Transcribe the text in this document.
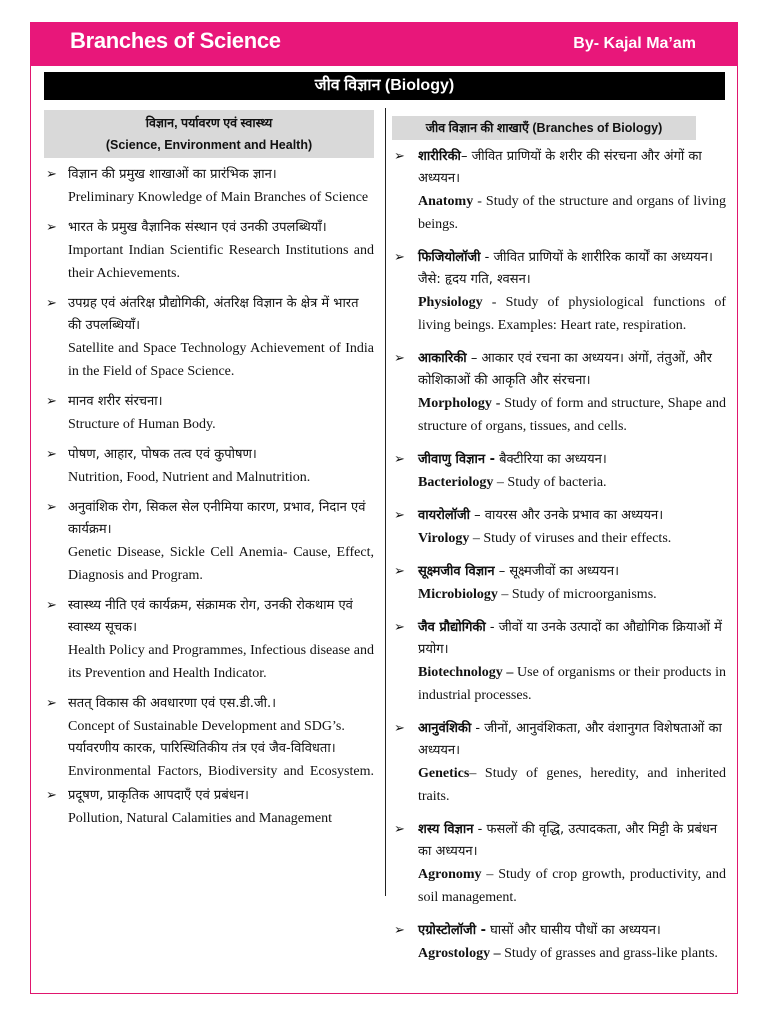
Branches of Science	By- Kajal Ma’am
जीव विज्ञान (Biology)
विज्ञान, पर्यावरण एवं स्वास्थ्य
(Science, Environment and Health)
➢ विज्ञान की प्रमुख शाखाओं का प्रारंभिक ज्ञान।
Preliminary Knowledge of Main Branches of Science
➢ भारत के प्रमुख वैज्ञानिक संस्थान एवं उनकी उपलब्धियाँ।
Important Indian Scientific Research Institutions and their Achievements.
➢ उपग्रह एवं अंतरिक्ष प्रौद्योगिकी, अंतरिक्ष विज्ञान के क्षेत्र में भारत की उपलब्धियाँ।
Satellite and Space Technology Achievement of India in the Field of Space Science.
➢ मानव शरीर संरचना।
Structure of Human Body.
➢ पोषण, आहार, पोषक तत्व एवं कुपोषण।
Nutrition, Food, Nutrient and Malnutrition.
➢ अनुवांशिक रोग, सिकल सेल एनीमिया कारण, प्रभाव, निदान एवं कार्यक्रम।
Genetic Disease, Sickle Cell Anemia- Cause, Effect, Diagnosis and Program.
➢ स्वास्थ्य नीति एवं कार्यक्रम, संक्रामक रोग, उनकी रोकथाम एवं स्वास्थ्य सूचक।
Health Policy and Programmes, Infectious disease and its Prevention and Health Indicator.
➢ सतत् विकास की अवधारणा एवं एस.डी.जी.।
Concept of Sustainable Development and SDG’s.
पर्यावरणीय कारक, पारिस्थितिकीय तंत्र एवं जैव-विविधता।
Environmental Factors, Biodiversity and Ecosystem.
➢ प्रदूषण, प्राकृतिक आपदाएँ एवं प्रबंधन।
Pollution, Natural Calamities and Management
जीव विज्ञान की शाखाएँ (Branches of Biology)
➢ शारीरिकी– जीवित प्राणियों के शरीर की संरचना और अंगों का अध्ययन।
Anatomy - Study of the structure and organs of living beings.
➢ फिजियोलॉजी - जीवित प्राणियों के शारीरिक कार्यों का अध्ययन। जैसे: हृदय गति, श्वसन।
Physiology - Study of physiological functions of living beings. Examples: Heart rate, respiration.
➢ आकारिकी – आकार एवं रचना का अध्ययन। अंगों, तंतुओं, और कोशिकाओं की आकृति और संरचना।
Morphology - Study of form and structure, Shape and structure of organs, tissues, and cells.
➢ जीवाणु विज्ञान - बैक्टीरिया का अध्ययन।
Bacteriology – Study of bacteria.
➢ वायरोलॉजी – वायरस और उनके प्रभाव का अध्ययन।
Virology – Study of viruses and their effects.
➢ सूक्ष्मजीव विज्ञान – सूक्ष्मजीवों का अध्ययन।
Microbiology – Study of microorganisms.
➢ जैव प्रौद्योगिकी - जीवों या उनके उत्पादों का औद्योगिक क्रियाओं में प्रयोग।
Biotechnology – Use of organisms or their products in industrial processes.
➢ आनुवंशिकी - जीनों, आनुवंशिकता, और वंशानुगत विशेषताओं का अध्ययन।
Genetics– Study of genes, heredity, and inherited traits.
➢ शस्य विज्ञान - फसलों की वृद्धि, उत्पादकता, और मिट्टी के प्रबंधन का अध्ययन।
Agronomy – Study of crop growth, productivity, and soil management.
➢ एग्रोस्टोलॉजी - घासों और घासीय पौधों का अध्ययन।
Agrostology – Study of grasses and grass-like plants.
